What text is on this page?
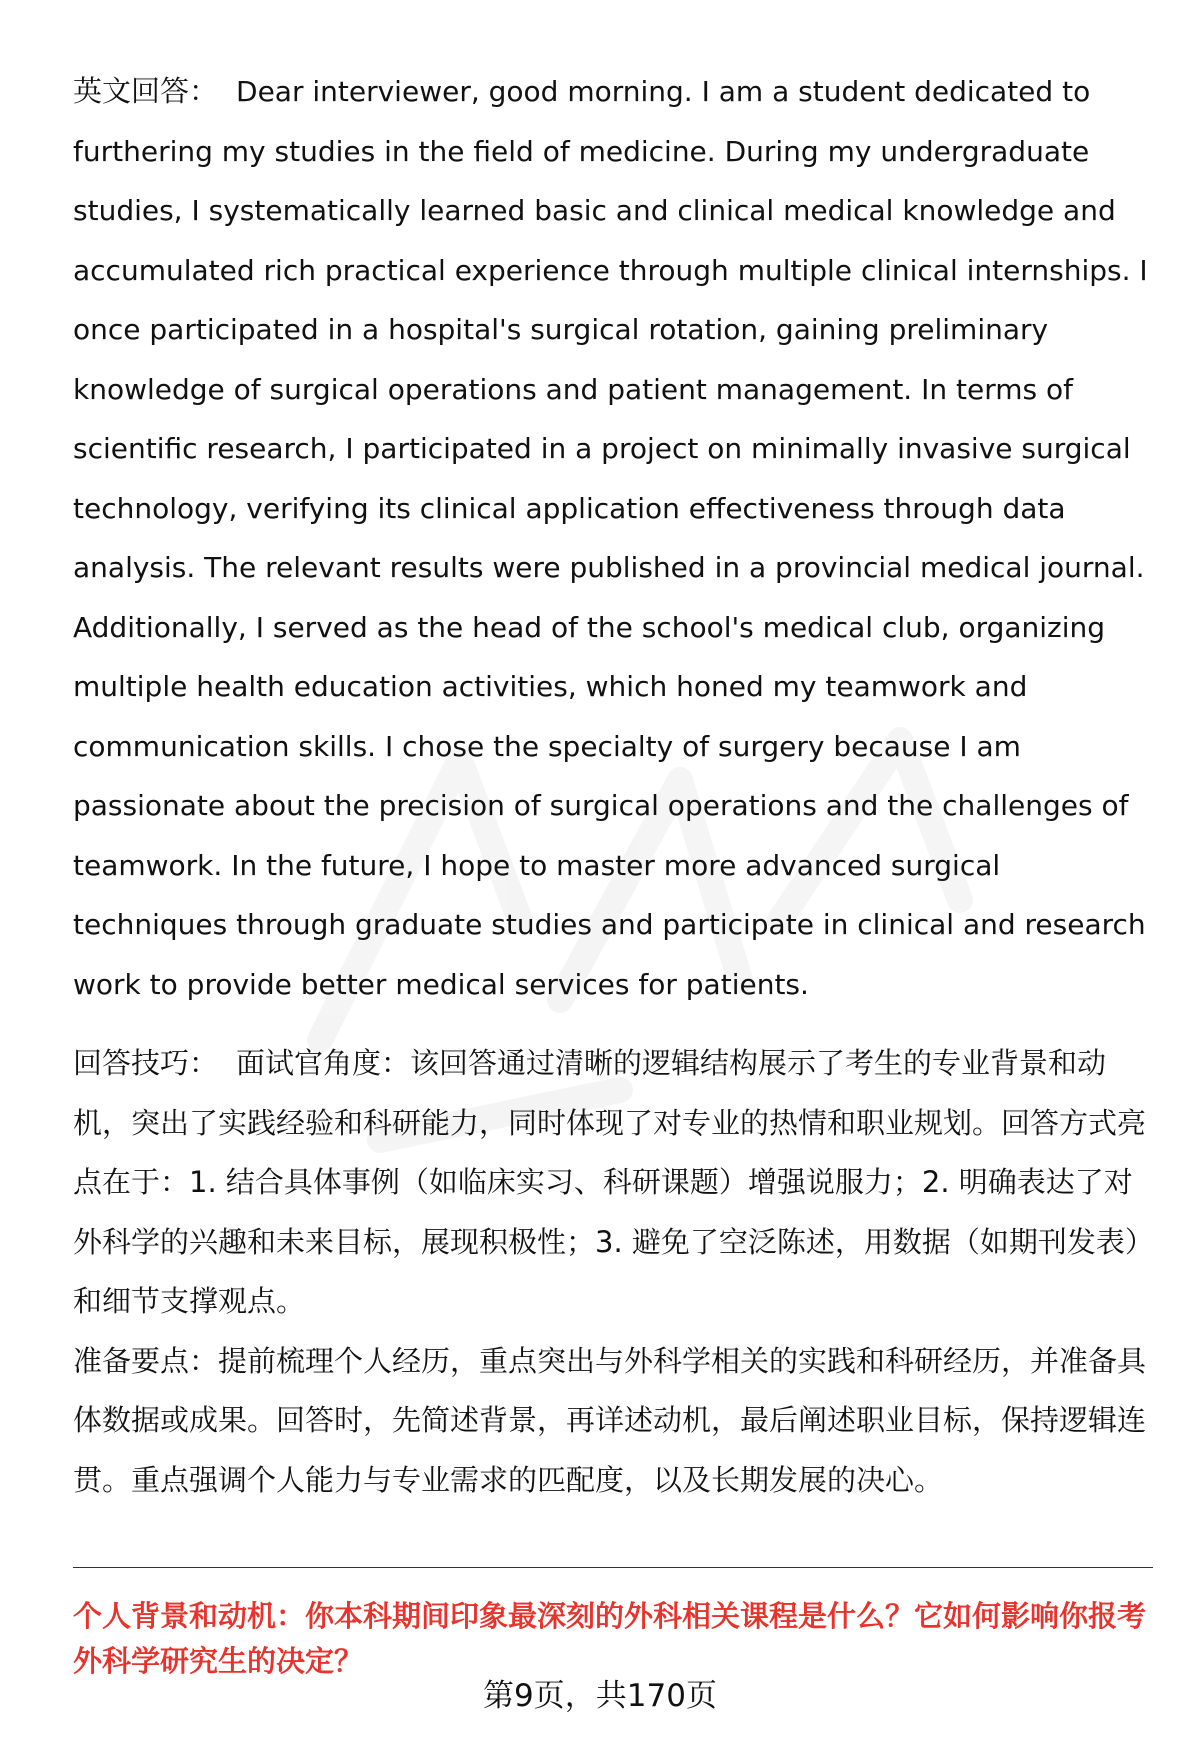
英文回答： Dear interviewer, good morning. I am a student dedicated to furthering my studies in the field of medicine. During my undergraduate studies, I systematically learned basic and clinical medical knowledge and accumulated rich practical experience through multiple clinical internships. I once participated in a hospital's surgical rotation, gaining preliminary knowledge of surgical operations and patient management. In terms of scientific research, I participated in a project on minimally invasive surgical technology, verifying its clinical application effectiveness through data analysis. The relevant results were published in a provincial medical journal. Additionally, I served as the head of the school's medical club, organizing multiple health education activities, which honed my teamwork and communication skills. I chose the specialty of surgery because I am passionate about the precision of surgical operations and the challenges of teamwork. In the future, I hope to master more advanced surgical techniques through graduate studies and participate in clinical and research work to provide better medical services for patients.

回答技巧： 面试官角度：该回答通过清晰的逻辑结构展示了考生的专业背景和动机，突出了实践经验和科研能力，同时体现了对专业的热情和职业规划。回答方式亮点在于：1. 结合具体事例（如临床实习、科研课题）增强说服力；2. 明确表达了对外科学的兴趣和未来目标，展现积极性；3. 避免了空泛陈述，用数据（如期刊发表）和细节支撑观点。

准备要点：提前梳理个人经历，重点突出与外科学相关的实践和科研经历，并准备具体数据或成果。回答时，先简述背景，再详述动机，最后阐述职业目标，保持逻辑连贯。重点强调个人能力与专业需求的匹配度，以及长期发展的决心。

个人背景和动机：你本科期间印象最深刻的外科相关课程是什么？它如何影响你报考外科学研究生的决定？

第9页，共170页
